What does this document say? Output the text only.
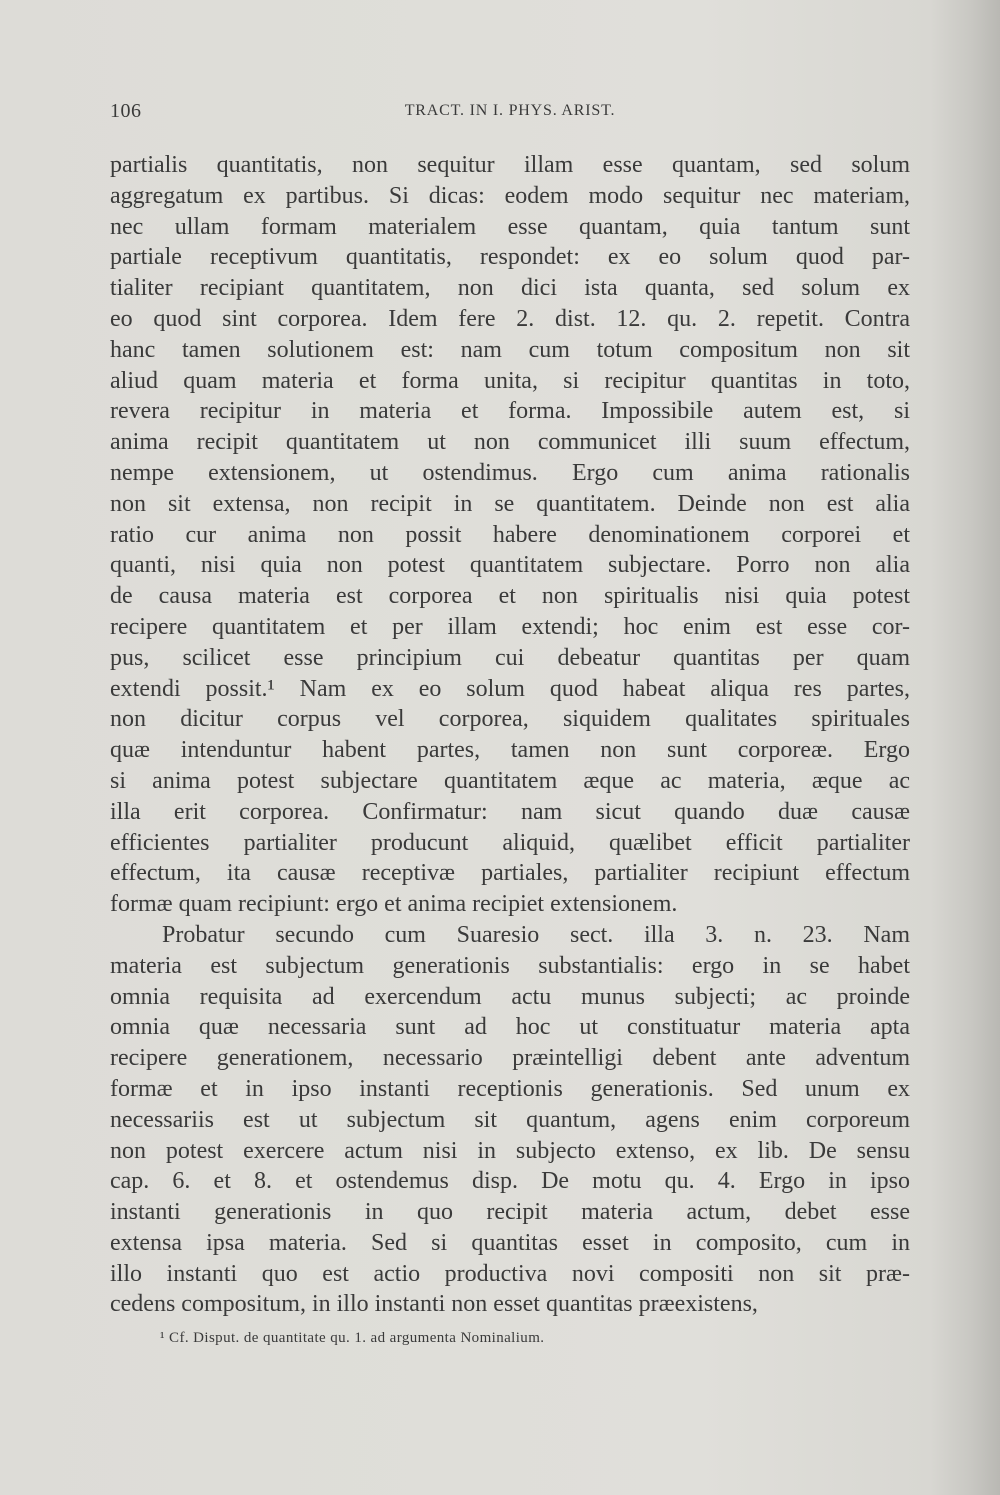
106	TRACT. IN I. PHYS. ARIST.
partialis quantitatis, non sequitur illam esse quantam, sed solum
aggregatum ex partibus. Si dicas: eodem modo sequitur nec materiam,
nec ullam formam materialem esse quantam, quia tantum sunt
partiale receptivum quantitatis, respondet: ex eo solum quod par-
tialiter recipiant quantitatem, non dici ista quanta, sed solum ex
eo quod sint corporea. Idem fere 2. dist. 12. qu. 2. repetit. Contra
hanc tamen solutionem est: nam cum totum compositum non sit
aliud quam materia et forma unita, si recipitur quantitas in toto,
revera recipitur in materia et forma. Impossibile autem est, si
anima recipit quantitatem ut non communicet illi suum effectum,
nempe extensionem, ut ostendimus. Ergo cum anima rationalis
non sit extensa, non recipit in se quantitatem. Deinde non est alia
ratio cur anima non possit habere denominationem corporei et
quanti, nisi quia non potest quantitatem subjectare. Porro non alia
de causa materia est corporea et non spiritualis nisi quia potest
recipere quantitatem et per illam extendi; hoc enim est esse cor-
pus, scilicet esse principium cui debeatur quantitas per quam
extendi possit.¹ Nam ex eo solum quod habeat aliqua res partes,
non dicitur corpus vel corporea, siquidem qualitates spirituales
quæ intenduntur habent partes, tamen non sunt corporeæ. Ergo
si anima potest subjectare quantitatem æque ac materia, æque ac
illa erit corporea. Confirmatur: nam sicut quando duæ causæ
efficientes partialiter producunt aliquid, quælibet efficit partialiter
effectum, ita causæ receptivæ partiales, partialiter recipiunt effectum
formæ quam recipiunt: ergo et anima recipiet extensionem.
Probatur secundo cum Suaresio sect. illa 3. n. 23. Nam
materia est subjectum generationis substantialis: ergo in se habet
omnia requisita ad exercendum actu munus subjecti; ac proinde
omnia quæ necessaria sunt ad hoc ut constituatur materia apta
recipere generationem, necessario præintelligi debent ante adventum
formæ et in ipso instanti receptionis generationis. Sed unum ex
necessariis est ut subjectum sit quantum, agens enim corporeum
non potest exercere actum nisi in subjecto extenso, ex lib. De sensu
cap. 6. et 8. et ostendemus disp. De motu qu. 4. Ergo in ipso
instanti generationis in quo recipit materia actum, debet esse
extensa ipsa materia. Sed si quantitas esset in composito, cum in
illo instanti quo est actio productiva novi compositi non sit præ-
cedens compositum, in illo instanti non esset quantitas præexistens,
¹ Cf. Disput. de quantitate qu. 1. ad argumenta Nominalium.
